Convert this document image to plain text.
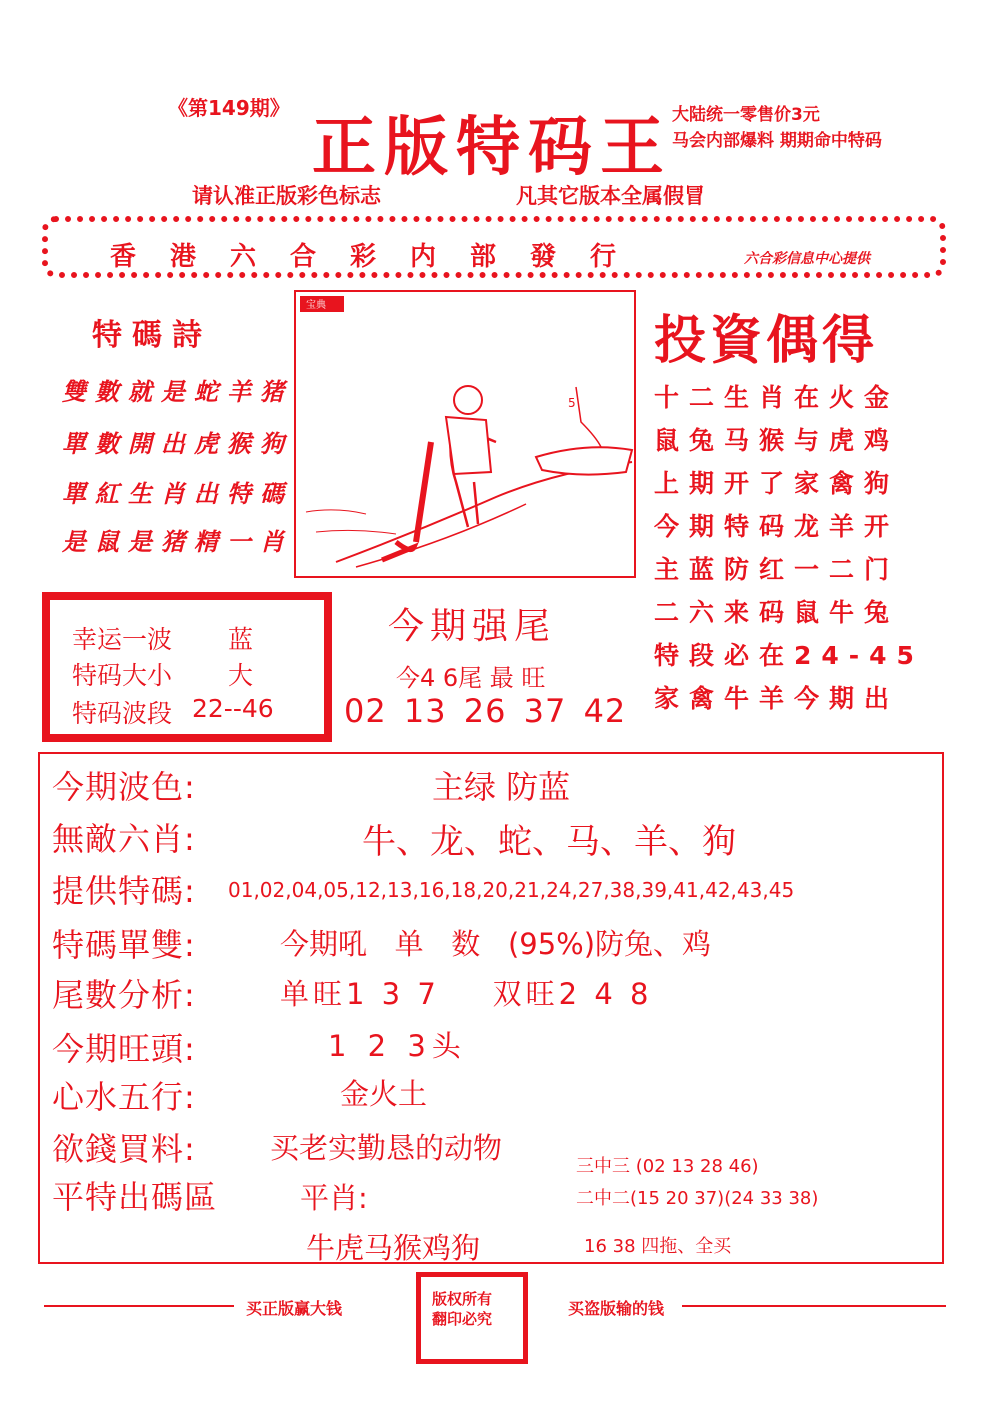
《第149期》
正版特码王 大陆统一零售价3元
马会内部爆料 期期命中特码
请认准正版彩色标志	凡其它版本全属假冒
香港六合彩内部發行	六合彩信息中心提供
特碼詩
雙數就是蛇羊猪
單數開出虎猴狗
單紅生肖出特碼
是鼠是猪精一肖
宝典
5
投資偶得
十二生肖在火金
鼠兔马猴与虎鸡
上期开了家禽狗
今期特码龙羊开
主蓝防红一二门
二六来码鼠牛兔
特段必在24-45
家禽牛羊今期出
幸运一波 蓝
特码大小 大
特码波段 22--46
今期强尾
今4 6尾 最 旺
02 13 26 37 42
今期波色:	主绿 防蓝
無敵六肖:	牛、龙、蛇、马、羊、狗
提供特碼: 01,02,04,05,12,13,16,18,20,21,24,27,38,39,41,42,43,45
特碼單雙:	今期吼   单   数   (95%)防兔、鸡
尾數分析:	单旺1 3 7    双旺2 4 8
今期旺頭:	1 2 3头
心水五行:	金火土
欲錢買料:	买老实勤恳的动物
平特出碼區	平肖:
牛虎马猴鸡狗
三中三 (02 13 28 46)
二中二(15 20 37)(24 33 38)
16 38 四拖、全买
买正版赢大钱	买盗版输的钱
版权所有
翻印必究
